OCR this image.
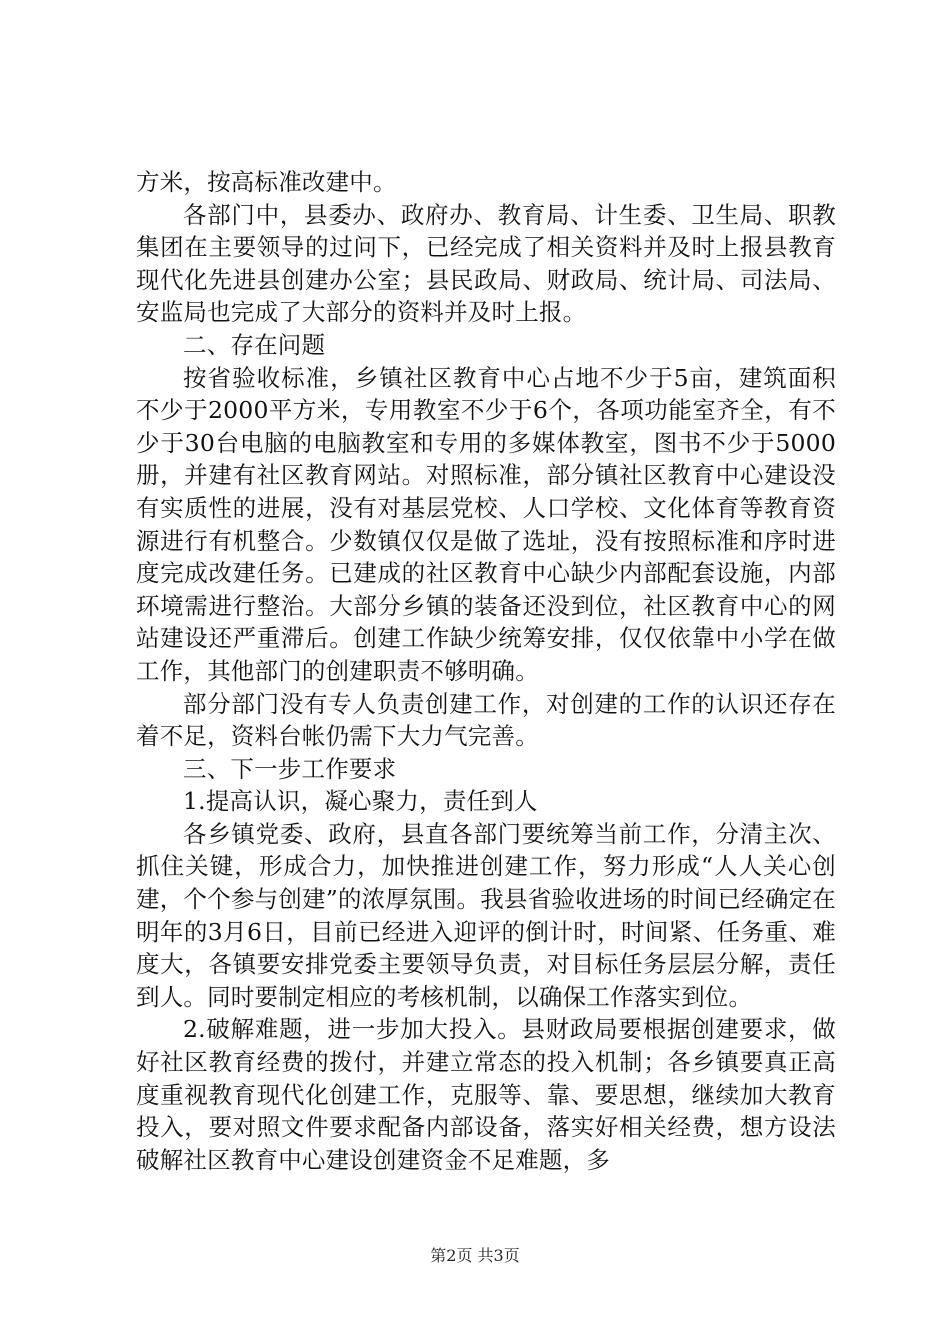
方米，按高标准改建中。

各部门中，县委办、政府办、教育局、计生委、卫生局、职教集团在主要领导的过问下，已经完成了相关资料并及时上报县教育现代化先进县创建办公室；县民政局、财政局、统计局、司法局、安监局也完成了大部分的资料并及时上报。

二、存在问题

按省验收标准，乡镇社区教育中心占地不少于5亩，建筑面积不少于2000平方米，专用教室不少于6个，各项功能室齐全，有不少于30台电脑的电脑教室和专用的多媒体教室，图书不少于5000册，并建有社区教育网站。对照标准，部分镇社区教育中心建设没有实质性的进展，没有对基层党校、人口学校、文化体育等教育资源进行有机整合。少数镇仅仅是做了选址，没有按照标准和序时进度完成改建任务。已建成的社区教育中心缺少内部配套设施，内部环境需进行整治。大部分乡镇的装备还没到位，社区教育中心的网站建设还严重滞后。创建工作缺少统筹安排，仅仅依靠中小学在做工作，其他部门的创建职责不够明确。

部分部门没有专人负责创建工作，对创建的工作的认识还存在着不足，资料台帐仍需下大力气完善。

三、下一步工作要求

1.提高认识，凝心聚力，责任到人

各乡镇党委、政府，县直各部门要统筹当前工作，分清主次、抓住关键，形成合力，加快推进创建工作，努力形成“人人关心创建，个个参与创建”的浓厚氛围。我县省验收进场的时间已经确定在明年的3月6日，目前已经进入迎评的倒计时，时间紧、任务重、难度大，各镇要安排党委主要领导负责，对目标任务层层分解，责任到人。同时要制定相应的考核机制，以确保工作落实到位。

2.破解难题，进一步加大投入。县财政局要根据创建要求，做好社区教育经费的拨付，并建立常态的投入机制；各乡镇要真正高度重视教育现代化创建工作，克服等、靠、要思想，继续加大教育投入，要对照文件要求配备内部设备，落实好相关经费，想方设法破解社区教育中心建设创建资金不足难题，多

第2页 共3页
